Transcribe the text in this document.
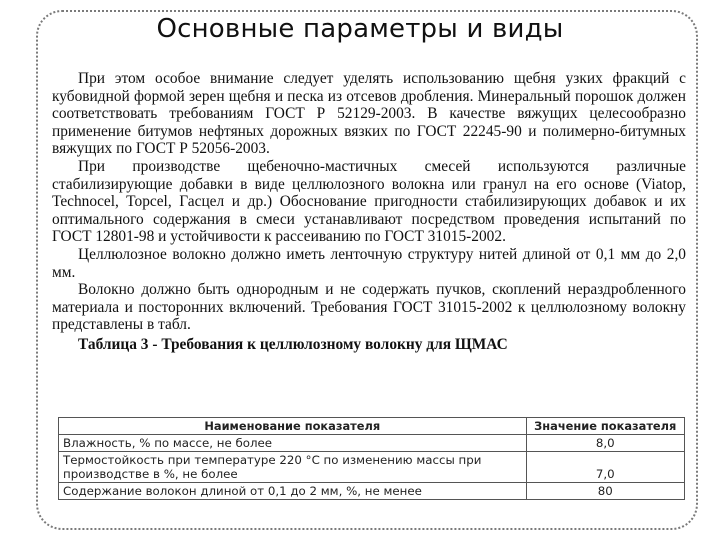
Основные параметры и виды

При этом особое внимание следует уделять использованию щебня узких фракций с кубовидной формой зерен щебня и песка из отсевов дробления. Минеральный порошок должен соответствовать требованиям ГОСТ Р 52129-2003. В качестве вяжущих целесообразно применение битумов нефтяных дорожных вязких по ГОСТ 22245-90 и полимерно-битумных вяжущих по ГОСТ Р 52056-2003.

При производстве щебеночно-мастичных смесей используются различные стабилизирующие добавки в виде целлюлозного волокна или гранул на его основе (Viatop, Technocel, Topcel, Гасцел и др.) Обоснование пригодности стабилизирующих добавок и их оптимального содержания в смеси устанавливают посредством проведения испытаний по ГОСТ 12801-98 и устойчивости к рассеиванию по ГОСТ 31015-2002.

Целлюлозное волокно должно иметь ленточную структуру нитей длиной от 0,1 мм до 2,0 мм.

Волокно должно быть однородным и не содержать пучков, скоплений нераздробленного материала и посторонних включений. Требования ГОСТ 31015-2002 к целлюлозному волокну представлены в табл.

Таблица 3 - Требования к целлюлозному волокну для ЩМАС
Наименование показателя	Значение показателя
Влажность, % по массе, не более	8,0
Термостойкость при температуре 220 °С по изменению массы при производстве в %, не более	7,0
Содержание волокон длиной от 0,1 до 2 мм, %, не менее	80
